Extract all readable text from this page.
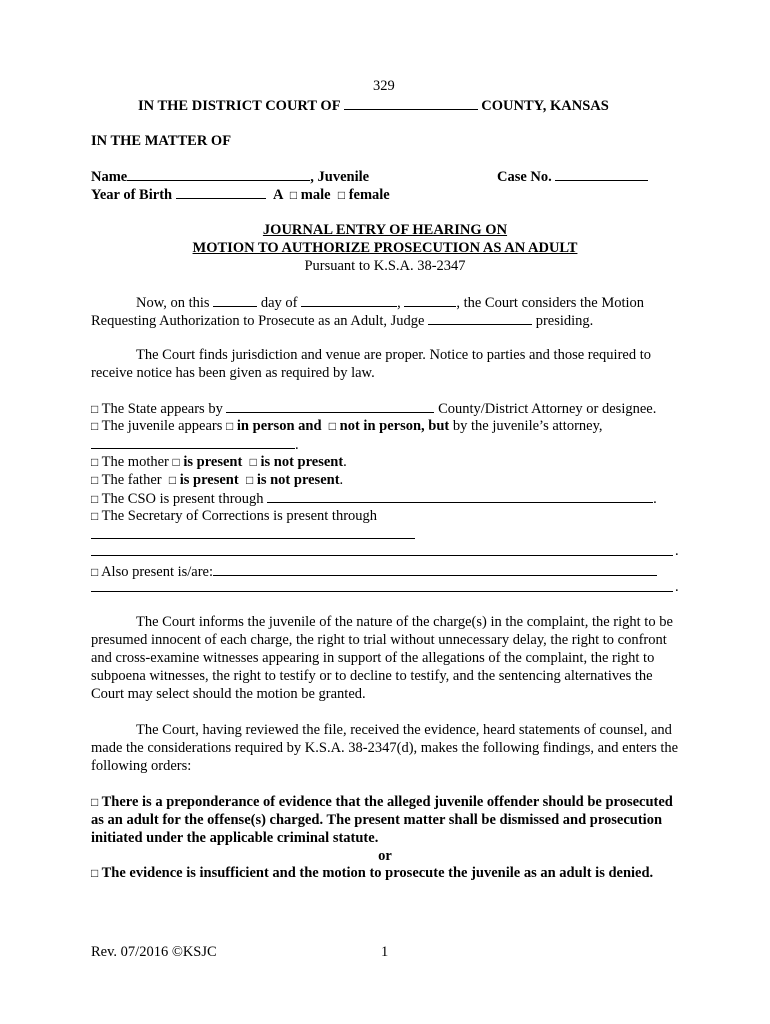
329
IN THE DISTRICT COURT OF	COUNTY, KANSAS
IN THE MATTER OF
Name	, Juvenile	Case No.
Year of Birth	A □ male □ female
JOURNAL ENTRY OF HEARING ON
MOTION TO AUTHORIZE PROSECUTION AS AN ADULT
Pursuant to K.S.A. 38-2347
Now, on this	day of	,	, the Court considers the Motion
Requesting Authorization to Prosecute as an Adult, Judge	presiding.
The Court finds jurisdiction and venue are proper. Notice to parties and those required to receive notice has been given as required by law.
□ The State appears by	County/District Attorney or designee.
□ The juvenile appears □ in person and □ not in person, but by the juvenile’s attorney,
.
□ The mother □ is present □ is not present.
□ The father □ is present □ is not present.
□ The CSO is present through	.
□ The Secretary of Corrections is present through
.
□ Also present is/are:
.
The Court informs the juvenile of the nature of the charge(s) in the complaint, the right to be presumed innocent of each charge, the right to trial without unnecessary delay, the right to confront and cross-examine witnesses appearing in support of the allegations of the complaint, the right to subpoena witnesses, the right to testify or to decline to testify, and the sentencing alternatives the Court may select should the motion be granted.
The Court, having reviewed the file, received the evidence, heard statements of counsel, and made the considerations required by K.S.A. 38-2347(d), makes the following findings, and enters the following orders:
□ There is a preponderance of evidence that the alleged juvenile offender should be prosecuted as an adult for the offense(s) charged. The present matter shall be dismissed and prosecution initiated under the applicable criminal statute.
or
□ The evidence is insufficient and the motion to prosecute the juvenile as an adult is denied.
Rev. 07/2016 ©KSJC	1
